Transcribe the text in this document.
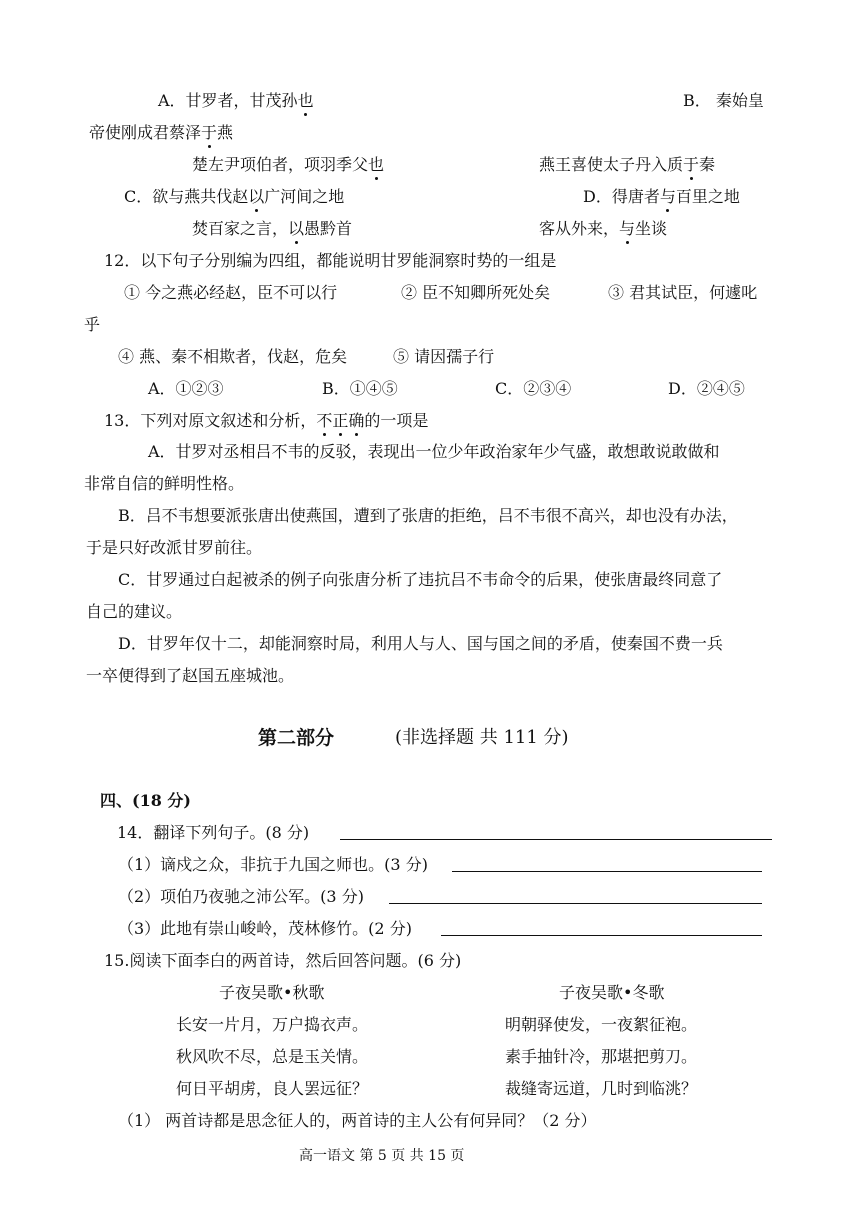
A．甘罗者，甘茂孙也	B． 秦始皇
帝使刚成君蔡泽于燕
楚左尹项伯者，项羽季父也	燕王喜使太子丹入质于秦
C．欲与燕共伐赵以广河间之地	D．得唐者与百里之地
焚百家之言，以愚黔首	客从外来，与坐谈
12．以下句子分别编为四组，都能说明甘罗能洞察时势的一组是
① 今之燕必经赵，臣不可以行	② 臣不知卿所死处矣	③ 君其试臣，何遽叱
乎
④ 燕、秦不相欺者，伐赵，危矣	⑤ 请因孺子行
A．①②③	B．①④⑤	C．②③④	D．②④⑤
13．下列对原文叙述和分析，不正确的一项是
A．甘罗对丞相吕不韦的反驳，表现出一位少年政治家年少气盛，敢想敢说敢做和
非常自信的鲜明性格。
B．吕不韦想要派张唐出使燕国，遭到了张唐的拒绝，吕不韦很不高兴，却也没有办法，
于是只好改派甘罗前往。
C．甘罗通过白起被杀的例子向张唐分析了违抗吕不韦命令的后果，使张唐最终同意了
自己的建议。
D．甘罗年仅十二，却能洞察时局，利用人与人、国与国之间的矛盾，使秦国不费一兵
一卒便得到了赵国五座城池。
第二部分	(非选择题 共 111 分)
四、(18 分)
14．翻译下列句子。(8 分)
（1）谪戍之众，非抗于九国之师也。(3 分)
（2）项伯乃夜驰之沛公军。(3 分)
（3）此地有崇山峻岭，茂林修竹。(2 分)
15.阅读下面李白的两首诗，然后回答问题。(6 分)
子夜吴歌•秋歌	子夜吴歌•冬歌
长安一片月，万户捣衣声。	明朝驿使发，一夜絮征袍。
秋风吹不尽，总是玉关情。	素手抽针冷，那堪把剪刀。
何日平胡虏，良人罢远征？	裁缝寄远道，几时到临洮？
（1） 两首诗都是思念征人的，两首诗的主人公有何异同？（2 分）
高一语文 第 5 页 共 15 页
